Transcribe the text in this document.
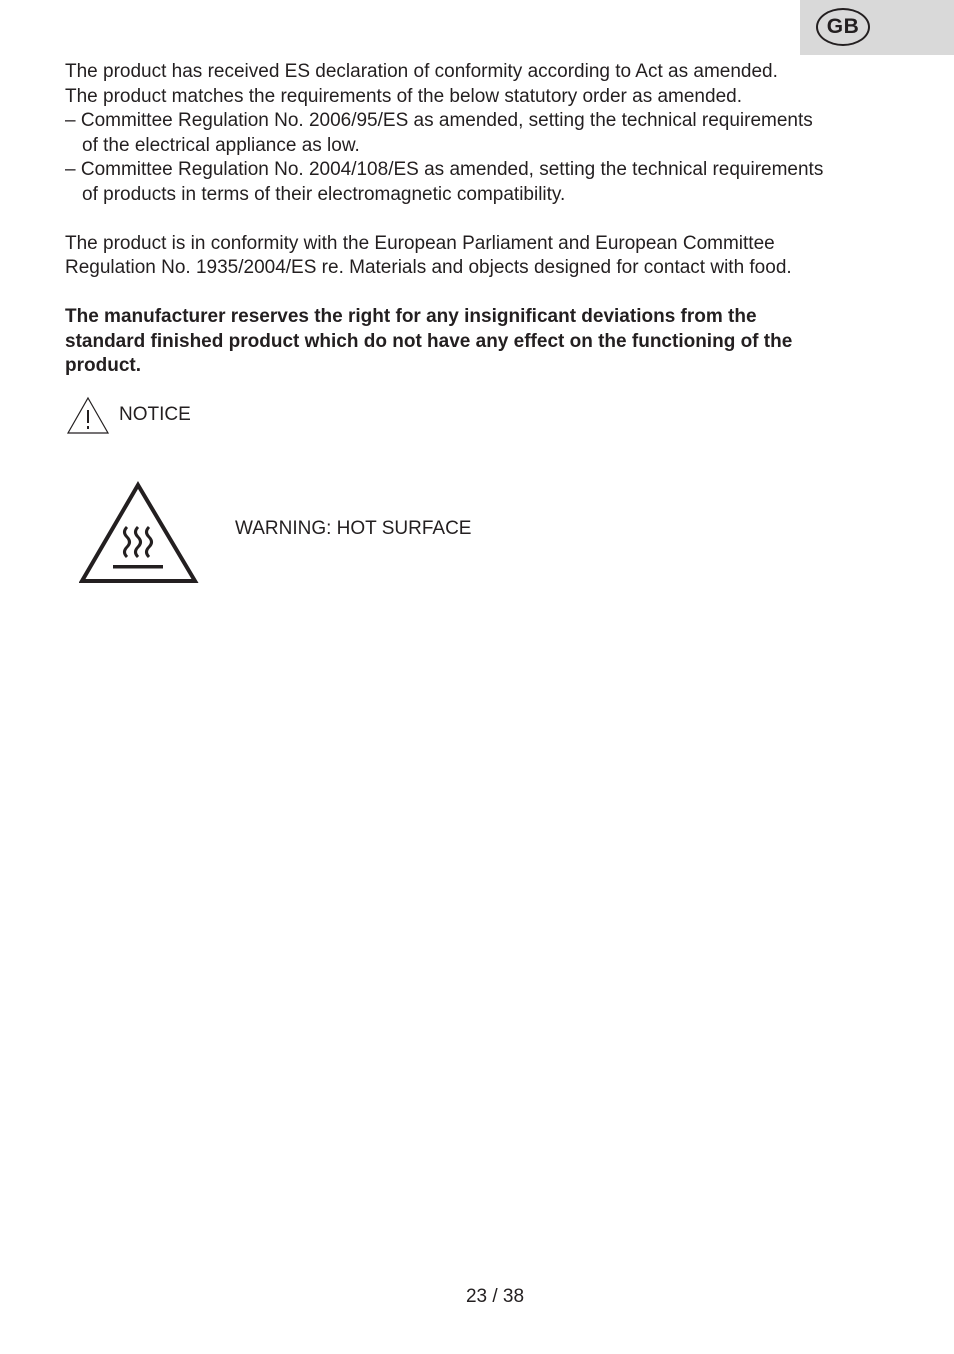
GB
The product has received ES declaration of conformity according to Act as amended.
The product matches the requirements of the below statutory order as amended.
– Committee Regulation No. 2006/95/ES as amended, setting the technical requirements
of the electrical appliance as low.
– Committee Regulation No. 2004/108/ES as amended, setting the technical requirements
of products in terms of their electromagnetic compatibility.
The product is in conformity with the European Parliament and European Committee
Regulation No. 1935/2004/ES re. Materials and objects designed for contact with food.
The manufacturer reserves the right for any insignificant deviations from the
standard finished product which do not have any effect on the functioning of the
product.
NOTICE
WARNING: HOT SURFACE
23 / 38
